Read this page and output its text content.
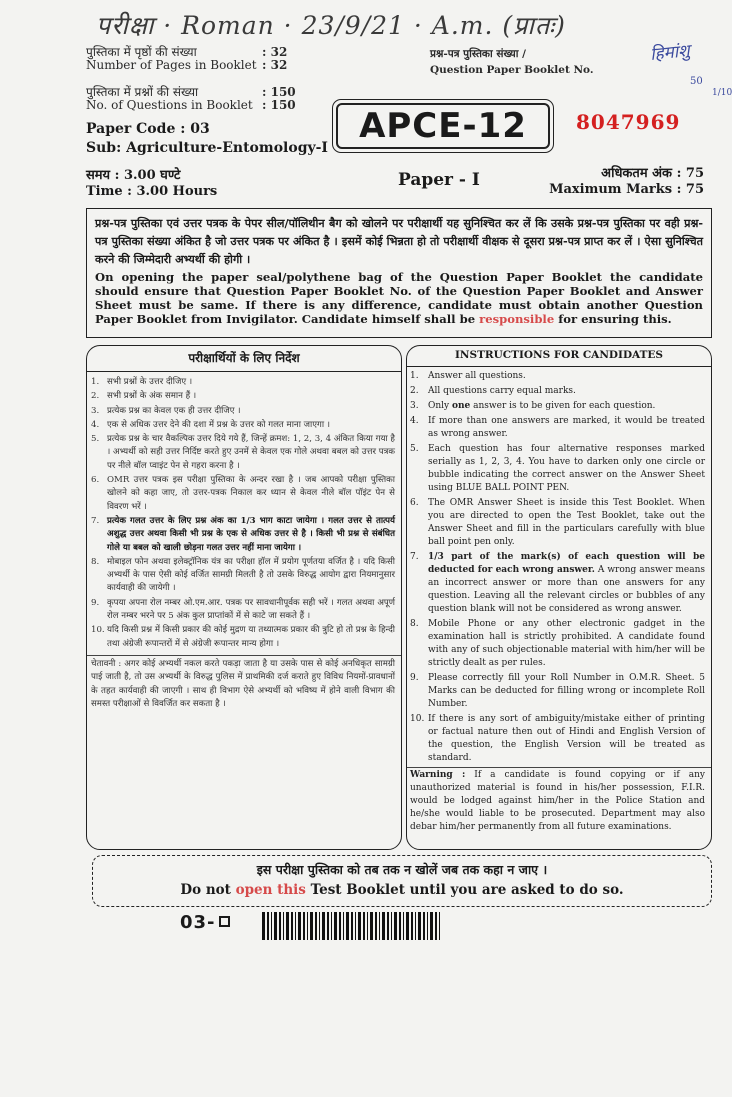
परीक्षा · Roman · 23/9/21 · A.m. (प्रातः)
पुस्तिका में पृष्ठों की संख्या	: 32
Number of Pages in Booklet : 32
पुस्तिका में प्रश्नों की संख्या	: 150
No. of Questions in Booklet : 150
प्रश्न-पत्र पुस्तिका संख्या /
Question Paper Booklet No.
हिमांशु
50
1/10
Paper Code : 03
Sub: Agriculture-Entomology-I
APCE-12 8047969
समय : 3.00 घण्टे
Time : 3.00 Hours
Paper - I	अधिकतम अंक : 75
Maximum Marks : 75
प्रश्न-पत्र पुस्तिका एवं उत्तर पत्रक के पेपर सील/पॉलिथीन बैग को खोलने पर परीक्षार्थी यह सुनिश्चित कर लें कि उसके प्रश्न-पत्र पुस्तिका पर वही प्रश्न-पत्र पुस्तिका संख्या अंकित है जो उत्तर पत्रक पर अंकित है । इसमें कोई भिन्नता हो तो परीक्षार्थी वीक्षक से दूसरा प्रश्न-पत्र प्राप्त कर लें । ऐसा सुनिश्चित करने की जिम्मेदारी अभ्यर्थी की होगी ।
On opening the paper seal/polythene bag of the Question Paper Booklet the candidate should ensure that Question Paper Booklet No. of the Question Paper Booklet and Answer Sheet must be same. If there is any difference, candidate must obtain another Question Paper Booklet from Invigilator. Candidate himself shall be responsible for ensuring this.
परीक्षार्थियों के लिए निर्देश
1. सभी प्रश्नों के उत्तर दीजिए ।
2. सभी प्रश्नों के अंक समान हैं ।
3. प्रत्येक प्रश्न का केवल एक ही उत्तर दीजिए ।
4. एक से अधिक उत्तर देने की दशा में प्रश्न के उत्तर को गलत माना जाएगा ।
5. प्रत्येक प्रश्न के चार वैकल्पिक उत्तर दिये गये हैं, जिन्हें क्रमश: 1, 2, 3, 4 अंकित किया गया है । अभ्यर्थी को सही उत्तर निर्दिष्ट करते हुए उनमें से केवल एक गोले अथवा बबल को उत्तर पत्रक पर नीले बॉल प्वाइंट पेन से गहरा करना है ।
6. OMR उत्तर पत्रक इस परीक्षा पुस्तिका के अन्दर रखा है । जब आपको परीक्षा पुस्तिका खोलने को कहा जाए, तो उत्तर-पत्रक निकाल कर ध्यान से केवल नीले बॉल पॉइंट पेन से विवरण भरें ।
7. प्रत्येक गलत उत्तर के लिए प्रश्न अंक का 1/3 भाग काटा जायेगा । गलत उत्तर से तात्पर्य अशुद्ध उत्तर अथवा किसी भी प्रश्न के एक से अधिक उत्तर से है । किसी भी प्रश्न से संबंधित गोले या बबल को खाली छोड़ना गलत उत्तर नहीं माना जायेगा ।
8. मोबाइल फोन अथवा इलेक्ट्रॉनिक यंत्र का परीक्षा हॉल में प्रयोग पूर्णतया वर्जित है । यदि किसी अभ्यर्थी के पास ऐसी कोई वर्जित सामग्री मिलती है तो उसके विरुद्ध आयोग द्वारा नियमानुसार कार्यवाही की जायेगी ।
9. कृपया अपना रोल नम्बर ओ.एम.आर. पत्रक पर सावधानीपूर्वक सही भरें । गलत अथवा अपूर्ण रोल नम्बर भरने पर 5 अंक कुल प्राप्तांकों में से काटे जा सकते हैं ।
10. यदि किसी प्रश्न में किसी प्रकार की कोई मुद्रण या तथ्यात्मक प्रकार की त्रुटि हो तो प्रश्न के हिन्दी तथा अंग्रेजी रूपान्तरों में से अंग्रेजी रूपान्तर मान्य होगा ।
चेतावनी : अगर कोई अभ्यर्थी नकल करते पकड़ा जाता है या उसके पास से कोई अनधिकृत सामग्री पाई जाती है, तो उस अभ्यर्थी के विरुद्ध पुलिस में प्राथमिकी दर्ज कराते हुए विविध नियमों-प्रावधानों के तहत कार्यवाही की जाएगी । साथ ही विभाग ऐसे अभ्यर्थी को भविष्य में होने वाली विभाग की समस्त परीक्षाओं से विवर्जित कर सकता है ।
INSTRUCTIONS FOR CANDIDATES
1.	Answer all questions.
2.	All questions carry equal marks.
3.	Only one answer is to be given for each question.
4.	If more than one answers are marked, it would be treated as wrong answer.
5.	Each question has four alternative responses marked serially as 1, 2, 3, 4. You have to darken only one circle or bubble indicating the correct answer on the Answer Sheet using BLUE BALL POINT PEN.
6.	The OMR Answer Sheet is inside this Test Booklet. When you are directed to open the Test Booklet, take out the Answer Sheet and fill in the particulars carefully with blue ball point pen only.
7.	1/3 part of the mark(s) of each question will be deducted for each wrong answer. A wrong answer means an incorrect answer or more than one answers for any question. Leaving all the relevant circles or bubbles of any question blank will not be considered as wrong answer.
8.	Mobile Phone or any other electronic gadget in the examination hall is strictly prohibited. A candidate found with any of such objectionable material with him/her will be strictly dealt as per rules.
9.	Please correctly fill your Roll Number in O.M.R. Sheet. 5 Marks can be deducted for filling wrong or incomplete Roll Number.
10. If there is any sort of ambiguity/mistake either of printing or factual nature then out of Hindi and English Version of the question, the English Version will be treated as standard.
Warning : If a candidate is found copying or if any unauthorized material is found in his/her possession, F.I.R. would be lodged against him/her in the Police Station and he/she would liable to be prosecuted. Department may also debar him/her permanently from all future examinations.
इस परीक्षा पुस्तिका को तब तक न खोलें जब तक कहा न जाए ।
Do not open this Test Booklet until you are asked to do so.
03-
